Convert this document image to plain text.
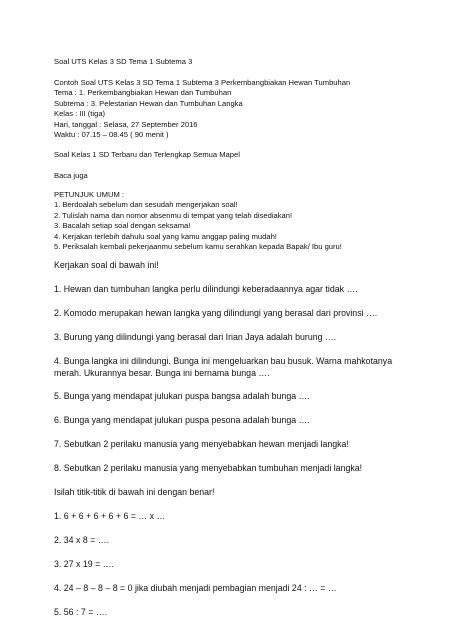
Soal UTS Kelas 3 SD Tema 1 Subtema 3
Contoh Soal UTS Kelas 3 SD Tema 1 Subtema 3 Perkembangbiakan Hewan Tumbuhan
Tema : 1. Perkembangbiakan Hewan dan Tumbuhan
Subtema : 3. Pelestarian Hewan dan Tumbuhan Langka
Kelas : III (tiga)
Hari, tanggal : Selasa, 27 September 2016
Waktu : 07.15 – 08.45 ( 90 menit )
Soal Kelas 1 SD Terbaru dan Terlengkap Semua Mapel
Baca juga
PETUNJUK UMUM :
1. Berdoalah sebelum dan sesudah mengerjakan soal!
2. Tulislah nama dan nomor absenmu di tempat yang telah disediakan!
3. Bacalah setiap soal dengan seksama!
4. Kerjakan terlebih dahulu soal yang kamu anggap paling mudah!
5. Periksalah kembali pekerjaanmu sebelum kamu serahkan kepada Bapak/ Ibu guru!
Kerjakan soal di bawah ini!
1. Hewan dan tumbuhan langka perlu dilindungi keberadaannya agar tidak ….
2. Komodo merupakan hewan langka yang dilindungi yang berasal dari provinsi ….
3. Burung yang dilindungi yang berasal dari Irian Jaya adalah burung ….
4. Bunga langka ini dilindungi. Bunga ini mengeluarkan bau busuk. Warna mahkotanya merah. Ukurannya besar. Bunga ini bernama bunga ….
5. Bunga yang mendapat julukan puspa bangsa adalah bunga ….
6. Bunga yang mendapat julukan puspa pesona adalah bunga ….
7. Sebutkan 2 perilaku manusia yang menyebabkan hewan menjadi langka!
8. Sebutkan 2 perilaku manusia yang menyebabkan tumbuhan menjadi langka!
Isilah titik-titik di bawah ini dengan benar!
1. 6 + 6 + 6 + 6 + 6 = … x …
2. 34 x 8 = ….
3. 27 x 19 = ….
4. 24 – 8 – 8 – 8 = 0 jika diubah menjadi pembagian menjadi 24 : … = …
5. 56 : 7 = ….
